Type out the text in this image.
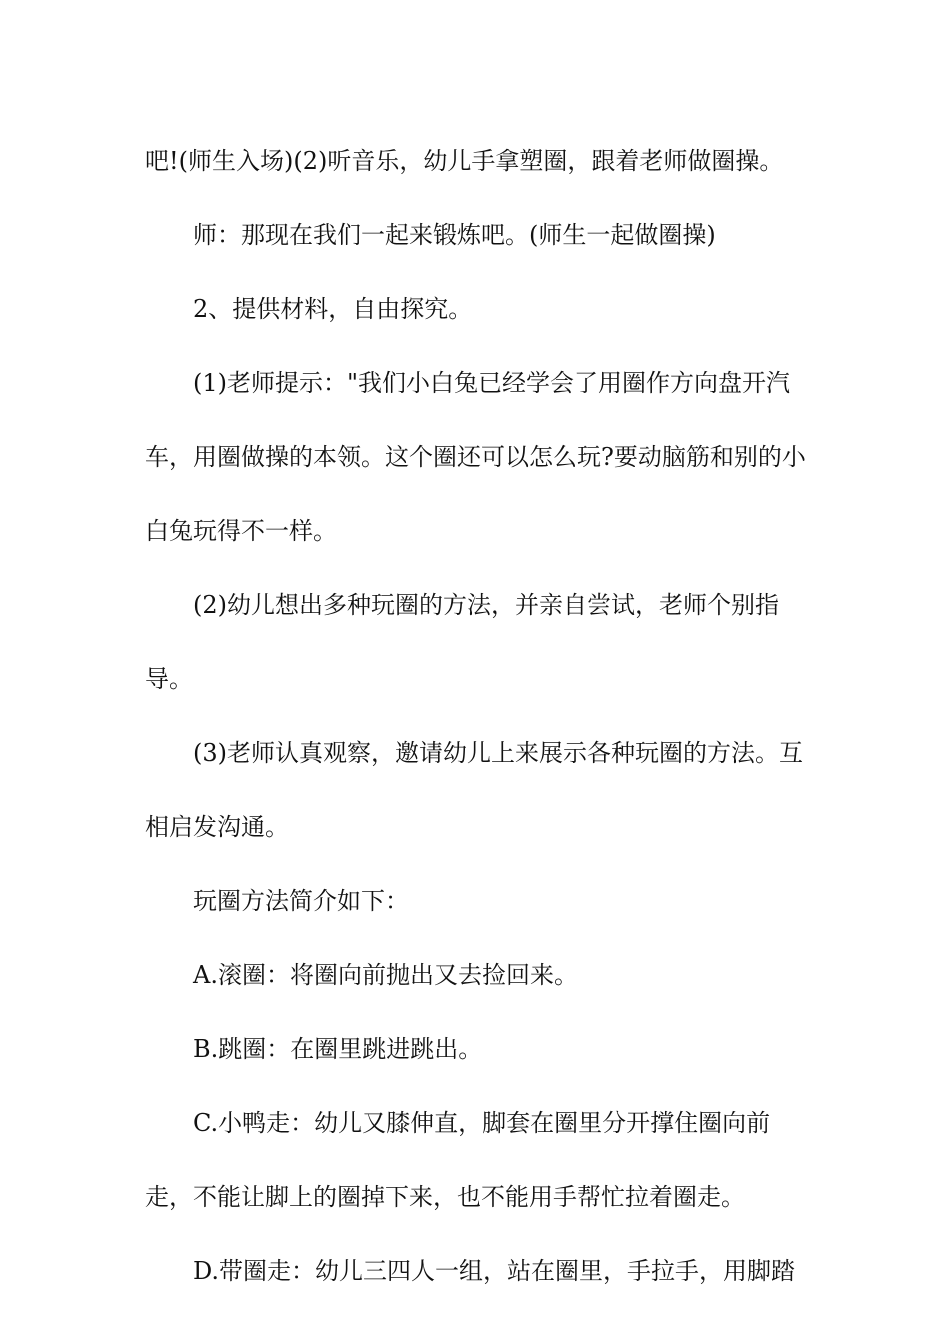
吧!(师生入场)(2)听音乐，幼儿手拿塑圈，跟着老师做圈操。

师：那现在我们一起来锻炼吧。(师生一起做圈操)

2、提供材料，自由探究。

(1)老师提示："我们小白兔已经学会了用圈作方向盘开汽车，用圈做操的本领。这个圈还可以怎么玩?要动脑筋和别的小白兔玩得不一样。

(2)幼儿想出多种玩圈的方法，并亲自尝试，老师个别指导。

(3)老师认真观察，邀请幼儿上来展示各种玩圈的方法。互相启发沟通。

玩圈方法简介如下：

A.滚圈：将圈向前抛出又去捡回来。

B.跳圈：在圈里跳进跳出。

C.小鸭走：幼儿又膝伸直，脚套在圈里分开撑住圈向前走，不能让脚上的圈掉下来，也不能用手帮忙拉着圈走。

D.带圈走：幼儿三四人一组，站在圈里，手拉手，用脚踏
